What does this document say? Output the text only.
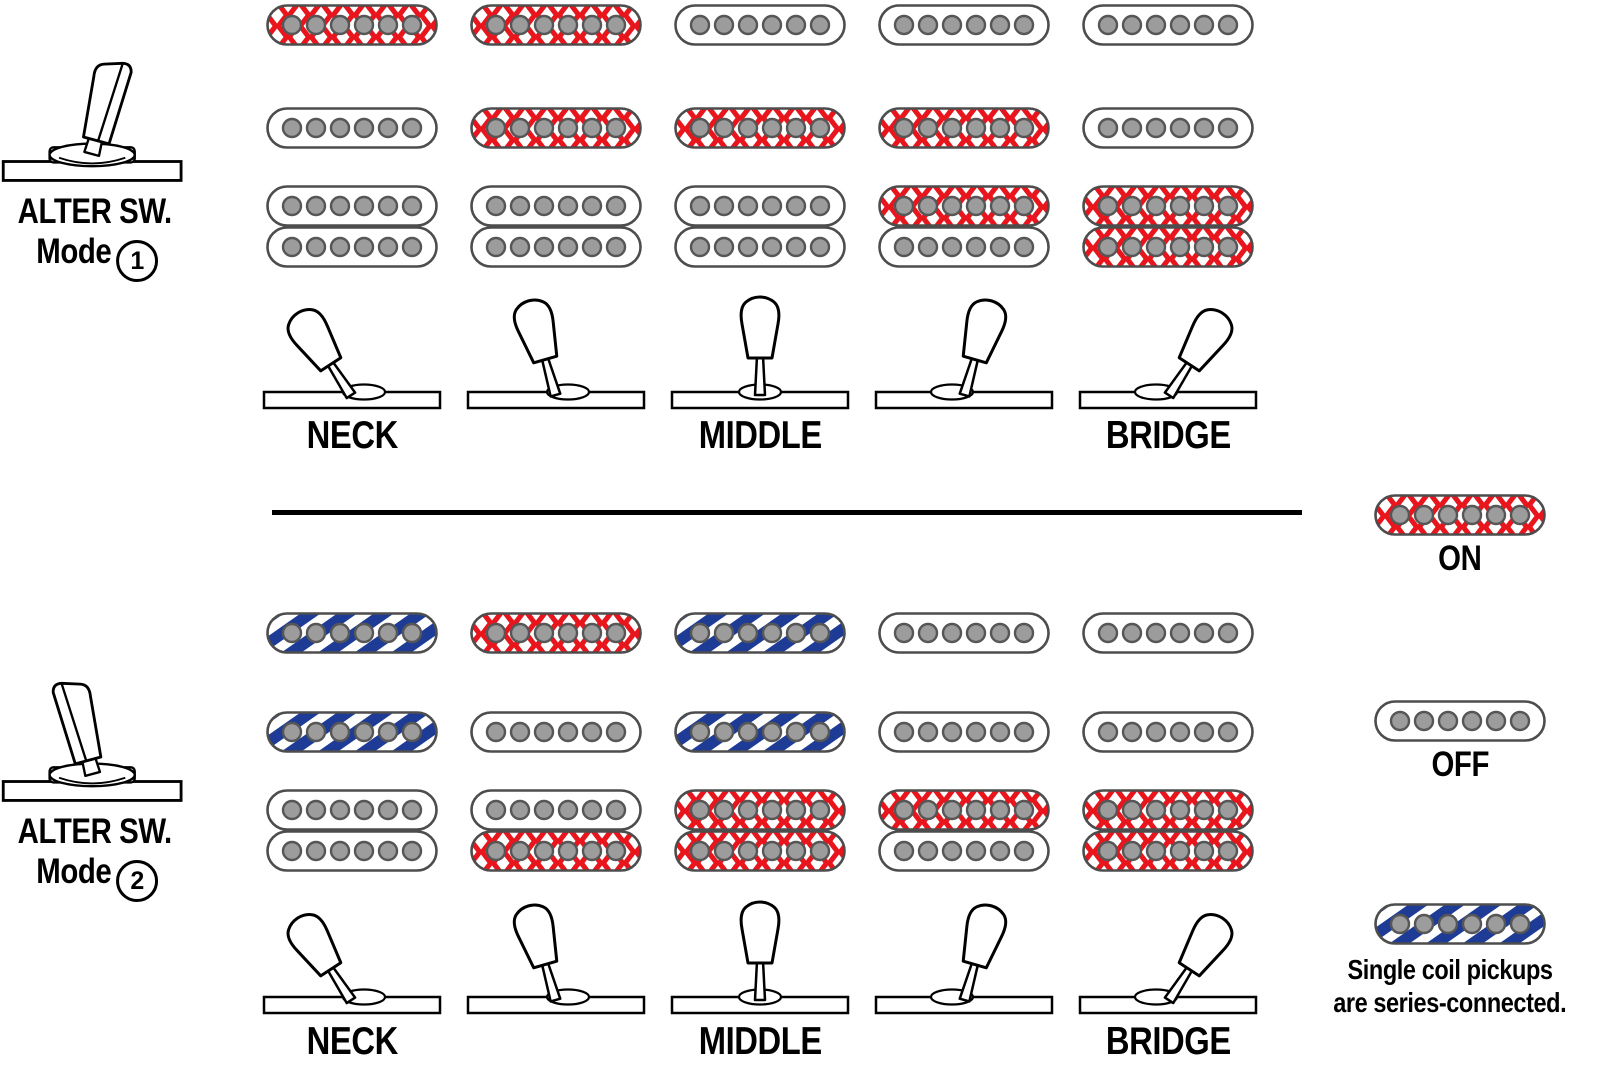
ALTER SW.
Mode 1
ALTER SW.
Mode 2
NECK	MIDDLE	BRIDGE
NECK	MIDDLE	BRIDGE
ON
OFF
Single coil pickups
are series-connected.
